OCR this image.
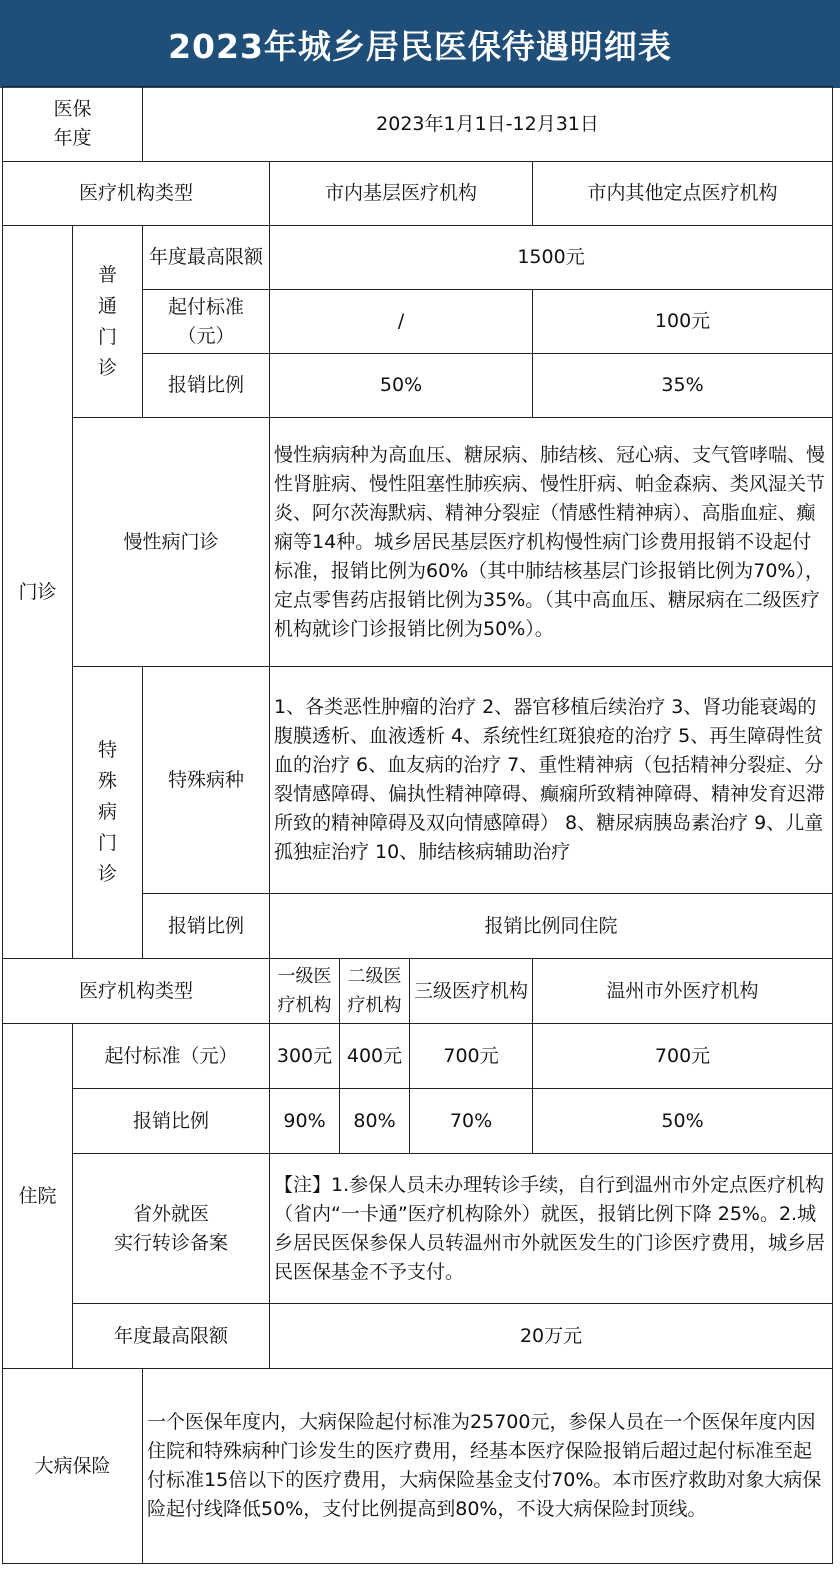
2023年城乡居民医保待遇明细表
医保
年度		2023年1月1日-12月31日				
医疗机构类型			市内基层医疗机构			市内其他定点医疗机构
门诊	普通门诊	年度最高限额	1500元			
		起付标准（元）	/			100元
		报销比例	50%			35%
	慢性病门诊		慢性病病种为高血压、糖尿病、肺结核、冠心病、支气管哮喘、慢性肾脏病、慢性阻塞性肺疾病、慢性肝病、帕金森病、类风湿关节炎、阿尔茨海默病、精神分裂症（情感性精神病）、高脂血症、癫痫等14种。城乡居民基层医疗机构慢性病门诊费用报销不设起付标准，报销比例为60%（其中肺结核基层门诊报销比例为70%），定点零售药店报销比例为35%。（其中高血压、糖尿病在二级医疗机构就诊门诊报销比例为50%）。			
	特殊病门诊	特殊病种	1、各类恶性肿瘤的治疗 2、器官移植后续治疗 3、肾功能衰竭的腹膜透析、血液透析 4、系统性红斑狼疮的治疗 5、再生障碍性贫血的治疗 6、血友病的治疗 7、重性精神病（包括精神分裂症、分裂情感障碍、偏执性精神障碍、癫痫所致精神障碍、精神发育迟滞所致的精神障碍及双向情感障碍） 8、糖尿病胰岛素治疗 9、儿童孤独症治疗 10、肺结核病辅助治疗			
		报销比例	报销比例同住院			
医疗机构类型			一级医疗机构	二级医疗机构	三级医疗机构	温州市外医疗机构
住院	起付标准（元）		300元	400元	700元	700元
	报销比例		90%	80%	70%	50%
	省外就医
实行转诊备案		【注】1.参保人员未办理转诊手续，自行到温州市外定点医疗机构（省内“一卡通”医疗机构除外）就医，报销比例下降 25%。2.城乡居民医保参保人员转温州市外就医发生的门诊医疗费用，城乡居民医保基金不予支付。			
	年度最高限额		20万元			
大病保险		一个医保年度内，大病保险起付标准为25700元，参保人员在一个医保年度内因住院和特殊病种门诊发生的医疗费用，经基本医疗保险报销后超过起付标准至起付标准15倍以下的医疗费用，大病保险基金支付70%。本市医疗救助对象大病保险起付线降低50%，支付比例提高到80%，不设大病保险封顶线。				
